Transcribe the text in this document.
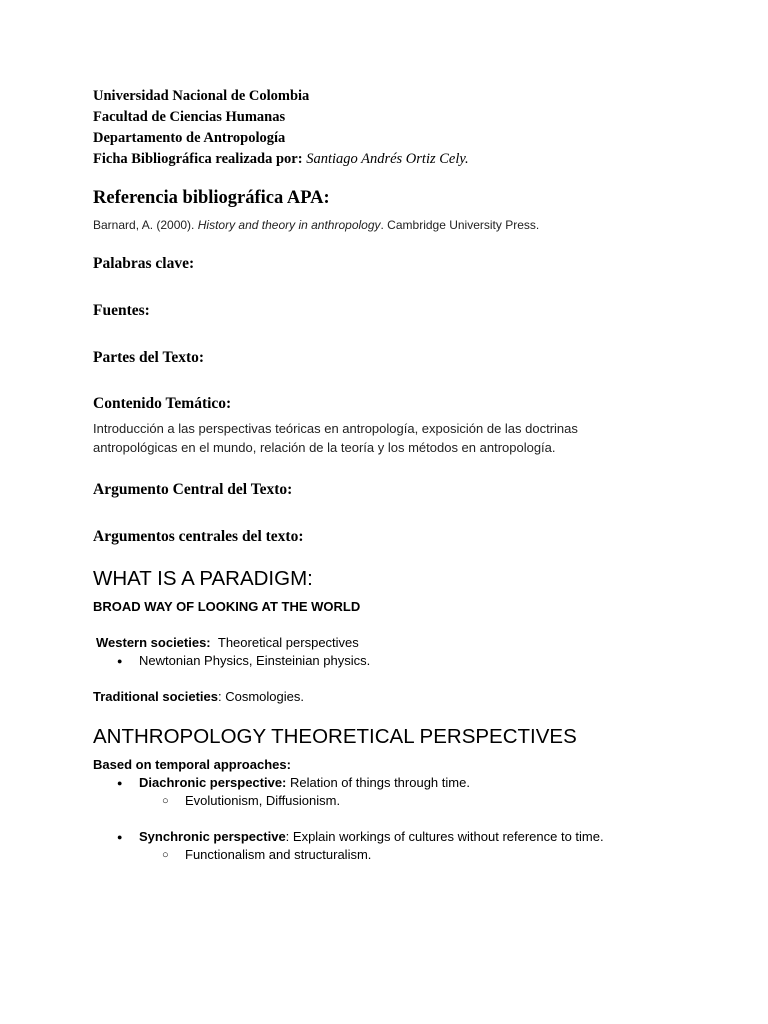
Universidad Nacional de Colombia

Facultad de Ciencias Humanas

Departamento de Antropología

Ficha Bibliográfica realizada por: Santiago Andrés Ortiz Cely.

Referencia bibliográfica APA:

Barnard, A. (2000). History and theory in anthropology. Cambridge University Press.

Palabras clave:
Fuentes:
Partes del Texto:
Contenido Temático:

Introducción a las perspectivas teóricas en antropología, exposición de las doctrinas
antropológicas en el mundo, relación de la teoría y los métodos en antropología.

Argumento Central del Texto:
Argumentos centrales del texto:
WHAT IS A PARADIGM:

BROAD WAY OF LOOKING AT THE WORLD

Western societies: Theoretical perspectives

● Newtonian Physics, Einsteinian physics.

Traditional societies: Cosmologies.

ANTHROPOLOGY THEORETICAL PERSPECTIVES

Based on temporal approaches:

● Diachronic perspective: Relation of things through time.
○ Evolutionism, Diffusionism.
● Synchronic perspective: Explain workings of cultures without reference to time.
○ Functionalism and structuralism.
